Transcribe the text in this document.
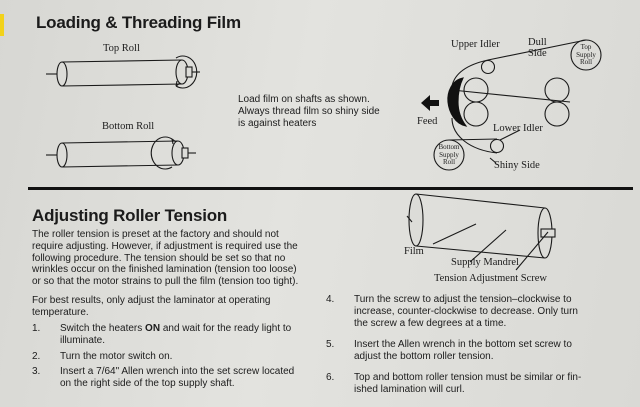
Loading & Threading Film
Top Roll
Bottom Roll
Load film on shafts as shown.
Always thread film so shiny side
is against heaters
Upper Idler	Dull
Side
Top
Supply
Roll
Feed
Lower Idler
Bottom
Supply
Roll	Shiny Side
Adjusting Roller Tension
The roller tension is preset at the factory and should not
require adjusting. However, if adjustment is required use the
following procedure. The tension should be set so that no
wrinkles occur on the finished lamination (tension too loose)
or so that the motor strains to pull the film (tension too tight).
For best results, only adjust the laminator at operating
temperature.
1. Switch the heaters ON and wait for the ready light to
illuminate.
2. Turn the motor switch on.
3. Insert a 7/64" Allen wrench into the set screw located
on the right side of the top supply shaft.
Film
Supply Mandrel
Tension Adjustment Screw
4. Turn the screw to adjust the tension–clockwise to
increase, counter-clockwise to decrease. Only turn
the screw a few degrees at a time.
5. Insert the Allen wrench in the bottom set screw to
adjust the bottom roller tension.
6. Top and bottom roller tension must be similar or fin-
ished lamination will curl.
